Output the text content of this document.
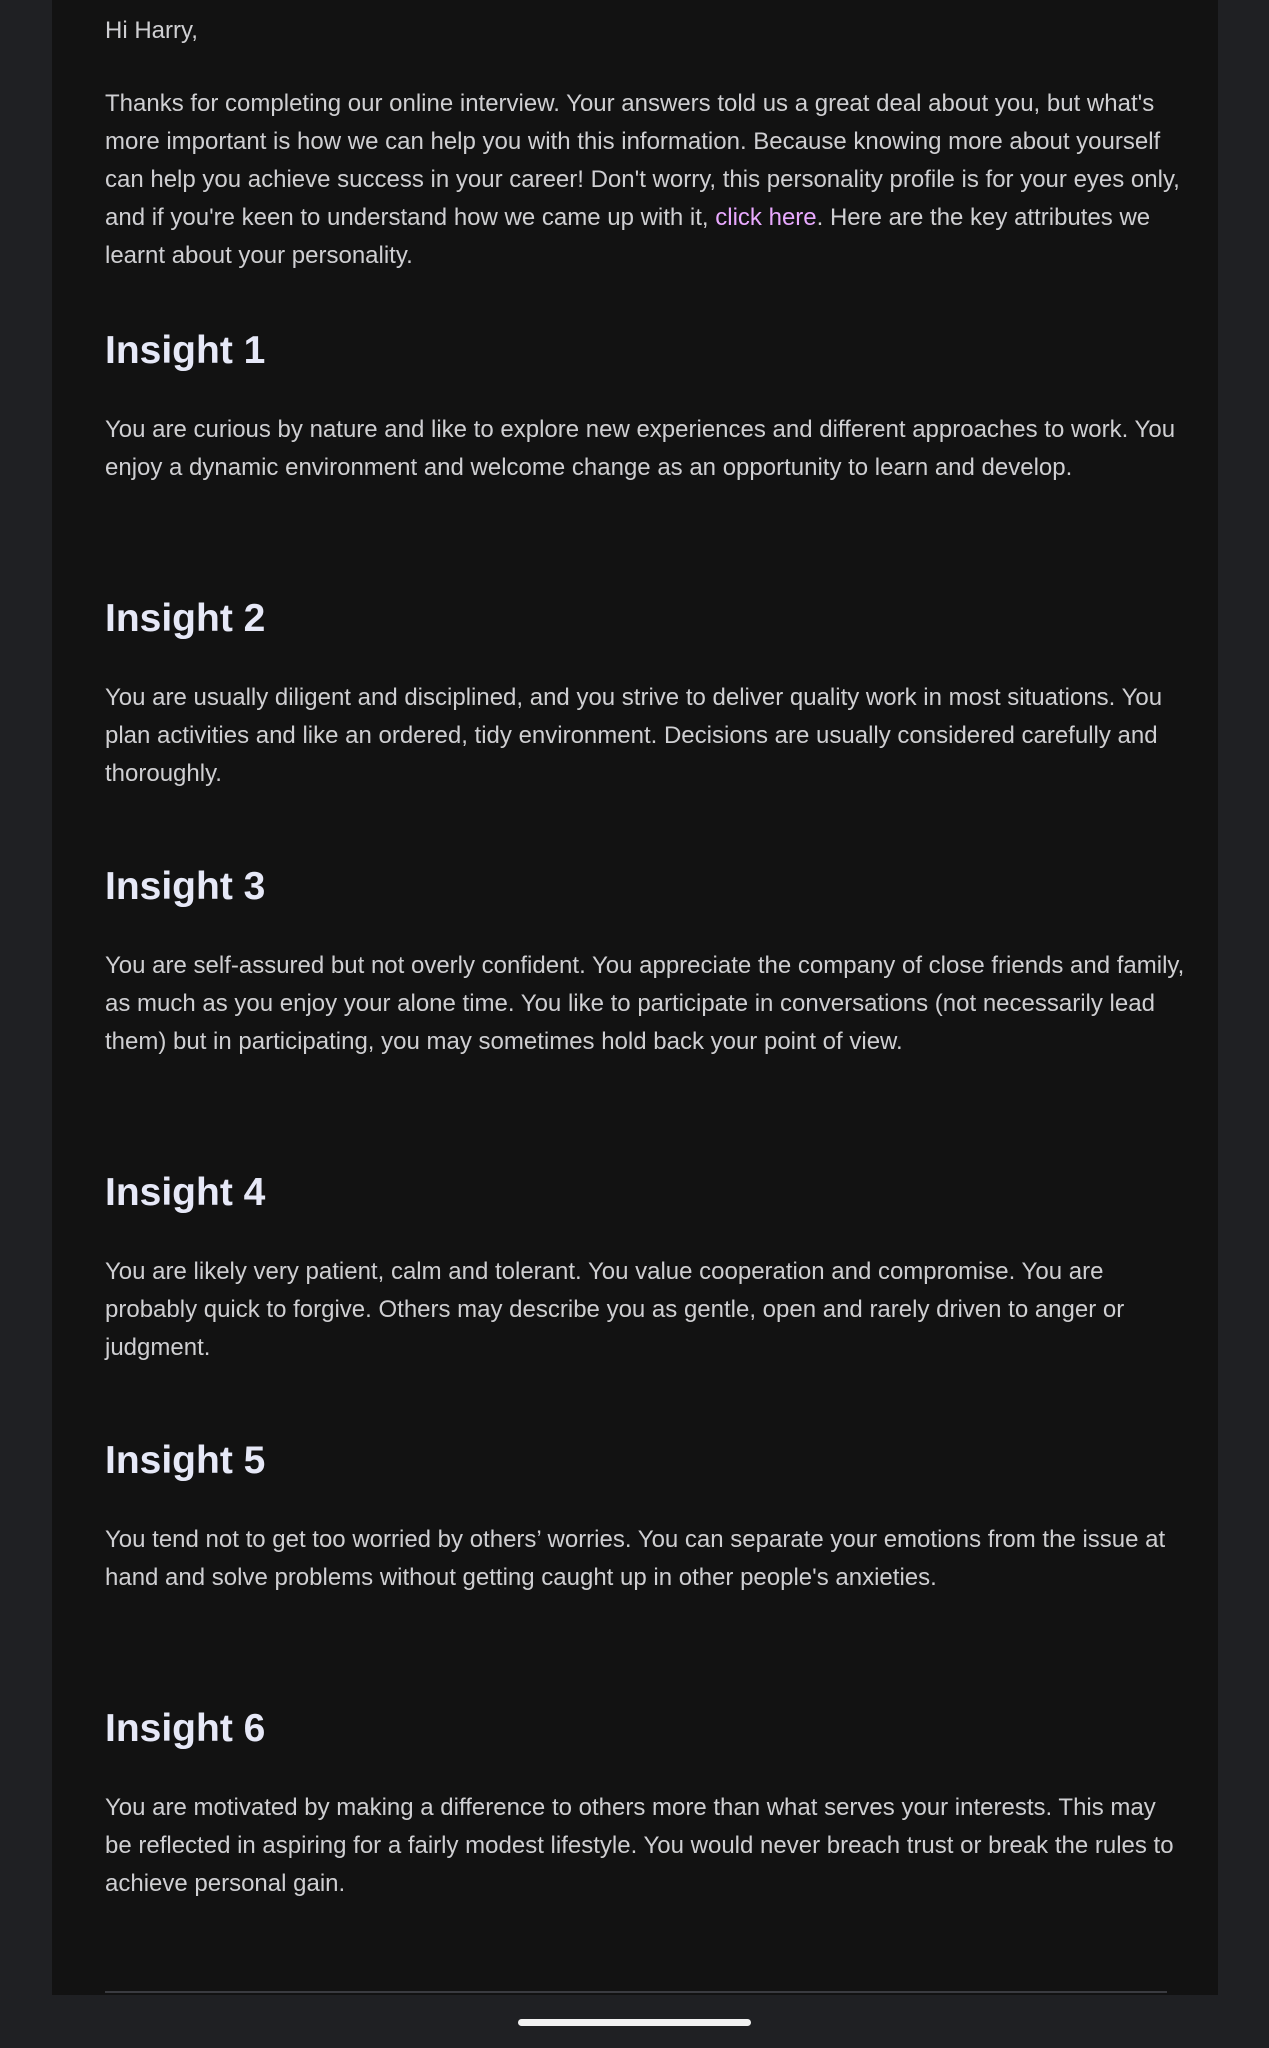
Hi Harry,

Thanks for completing our online interview. Your answers told us a great deal about you, but what's more important is how we can help you with this information. Because knowing more about yourself can help you achieve success in your career! Don't worry, this personality profile is for your eyes only, and if you're keen to understand how we came up with it, click here. Here are the key attributes we learnt about your personality.

Insight 1

You are curious by nature and like to explore new experiences and different approaches to work. You enjoy a dynamic environment and welcome change as an opportunity to learn and develop.

Insight 2

You are usually diligent and disciplined, and you strive to deliver quality work in most situations. You plan activities and like an ordered, tidy environment. Decisions are usually considered carefully and thoroughly.

Insight 3

You are self-assured but not overly confident. You appreciate the company of close friends and family, as much as you enjoy your alone time. You like to participate in conversations (not necessarily lead them) but in participating, you may sometimes hold back your point of view.

Insight 4

You are likely very patient, calm and tolerant. You value cooperation and compromise. You are probably quick to forgive. Others may describe you as gentle, open and rarely driven to anger or judgment.

Insight 5

You tend not to get too worried by others’ worries. You can separate your emotions from the issue at hand and solve problems without getting caught up in other people's anxieties.

Insight 6

You are motivated by making a difference to others more than what serves your interests. This may be reflected in aspiring for a fairly modest lifestyle. You would never breach trust or break the rules to achieve personal gain.
